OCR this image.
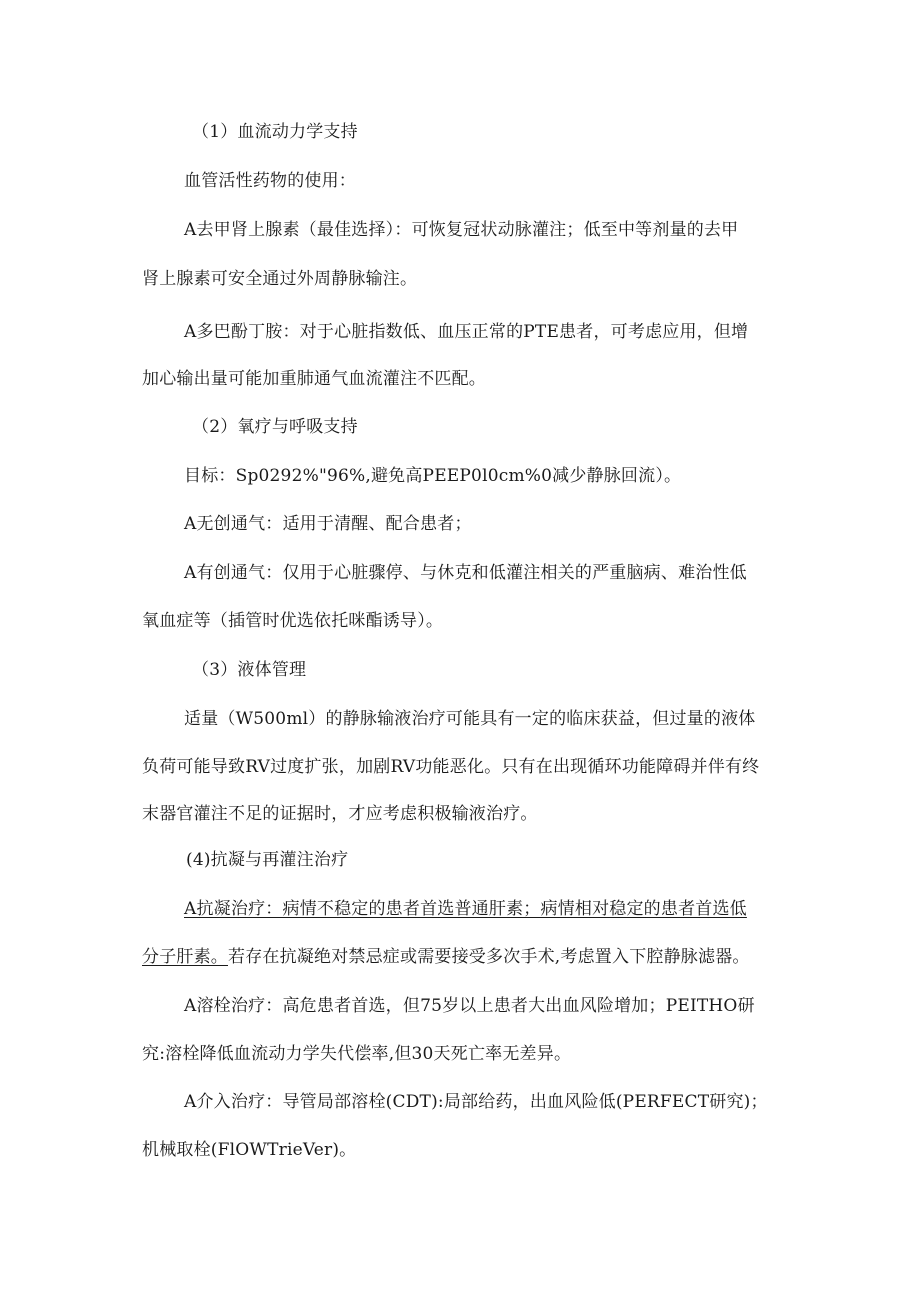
（1）血流动力学支持
血管活性药物的使用：
A去甲肾上腺素（最佳选择）：可恢复冠状动脉灌注；低至中等剂量的去甲
肾上腺素可安全通过外周静脉输注。
A多巴酚丁胺：对于心脏指数低、血压正常的PTE患者，可考虑应用，但增
加心输出量可能加重肺通气血流灌注不匹配。
（2）氧疗与呼吸支持
目标：Sp0292%"96%,避免高PEEP0l0cm%0减少静脉回流）。
A无创通气：适用于清醒、配合患者；
A有创通气：仅用于心脏骤停、与休克和低灌注相关的严重脑病、难治性低
氧血症等（插管时优选依托咪酯诱导）。
（3）液体管理
适量（W500ml）的静脉输液治疗可能具有一定的临床获益，但过量的液体
负荷可能导致RV过度扩张，加剧RV功能恶化。只有在出现循环功能障碍并伴有终
末器官灌注不足的证据时，才应考虑积极输液治疗。
(4)抗凝与再灌注治疗
A抗凝治疗：病情不稳定的患者首选普通肝素；病情相对稳定的患者首选低
分子肝素。若存在抗凝绝对禁忌症或需要接受多次手术,考虑置入下腔静脉滤器。
A溶栓治疗：高危患者首选，但75岁以上患者大出血风险增加；PEITHO研
究:溶栓降低血流动力学失代偿率,但30天死亡率无差异。
A介入治疗：导管局部溶栓(CDT):局部给药，出血风险低(PERFECT研究)；
机械取栓(FlOWTrieVer)。
